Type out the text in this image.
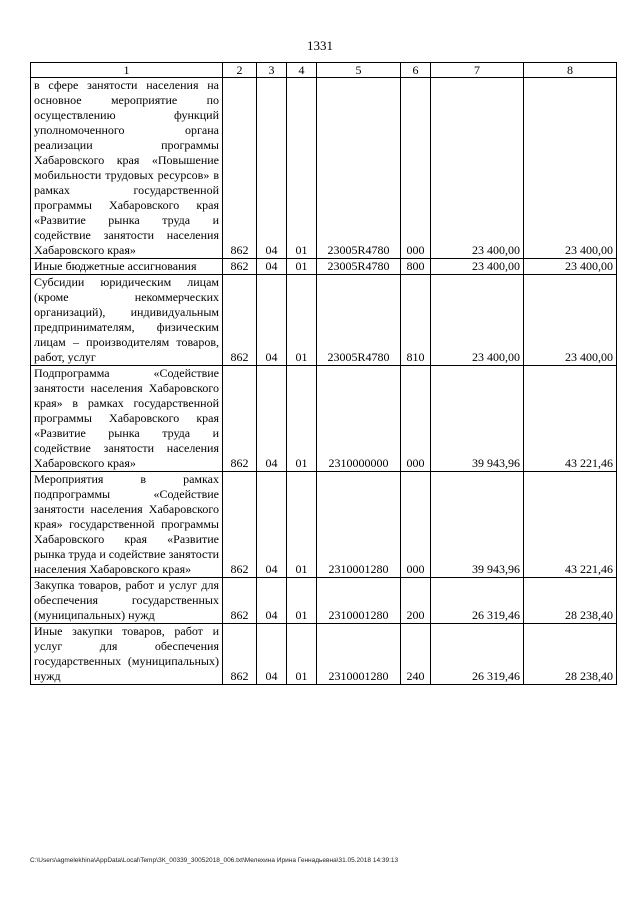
1331
1	2	3	4	5	6	7	8
в сфере занятости населения на основное мероприятие по осуществлению функций уполномоченного органа реализации программы Хабаровского края «Повышение мобильности трудовых ресурсов» в рамках государственной программы Хабаровского края «Развитие рынка труда и содействие занятости населения Хабаровского края»	862	04	01	23005R4780	000	23 400,00	23 400,00
Иные бюджетные ассигнования	862	04	01	23005R4780	800	23 400,00	23 400,00
Субсидии юридическим лицам (кроме некоммерческих организаций), индивидуальным предпринимателям, физическим лицам – производителям товаров, работ, услуг	862	04	01	23005R4780	810	23 400,00	23 400,00
Подпрограмма «Содействие занятости населения Хабаровского края» в рамках государственной программы Хабаровского края «Развитие рынка труда и содействие занятости населения Хабаровского края»	862	04	01	2310000000	000	39 943,96	43 221,46
Мероприятия в рамках подпрограммы «Содействие занятости населения Хабаровского края» государственной программы Хабаровского края «Развитие рынка труда и содействие занятости населения Хабаровского края»	862	04	01	2310001280	000	39 943,96	43 221,46
Закупка товаров, работ и услуг для обеспечения государственных (муниципальных) нужд	862	04	01	2310001280	200	26 319,46	28 238,40
Иные закупки товаров, работ и услуг для обеспечения государственных (муниципальных) нужд	862	04	01	2310001280	240	26 319,46	28 238,40
C:\Users\agmelekhina\AppData\Local\Temp\ЗК_00339_30052018_006.txt\Мелехина Ирина Геннадьевна\31.05.2018 14:39:13
